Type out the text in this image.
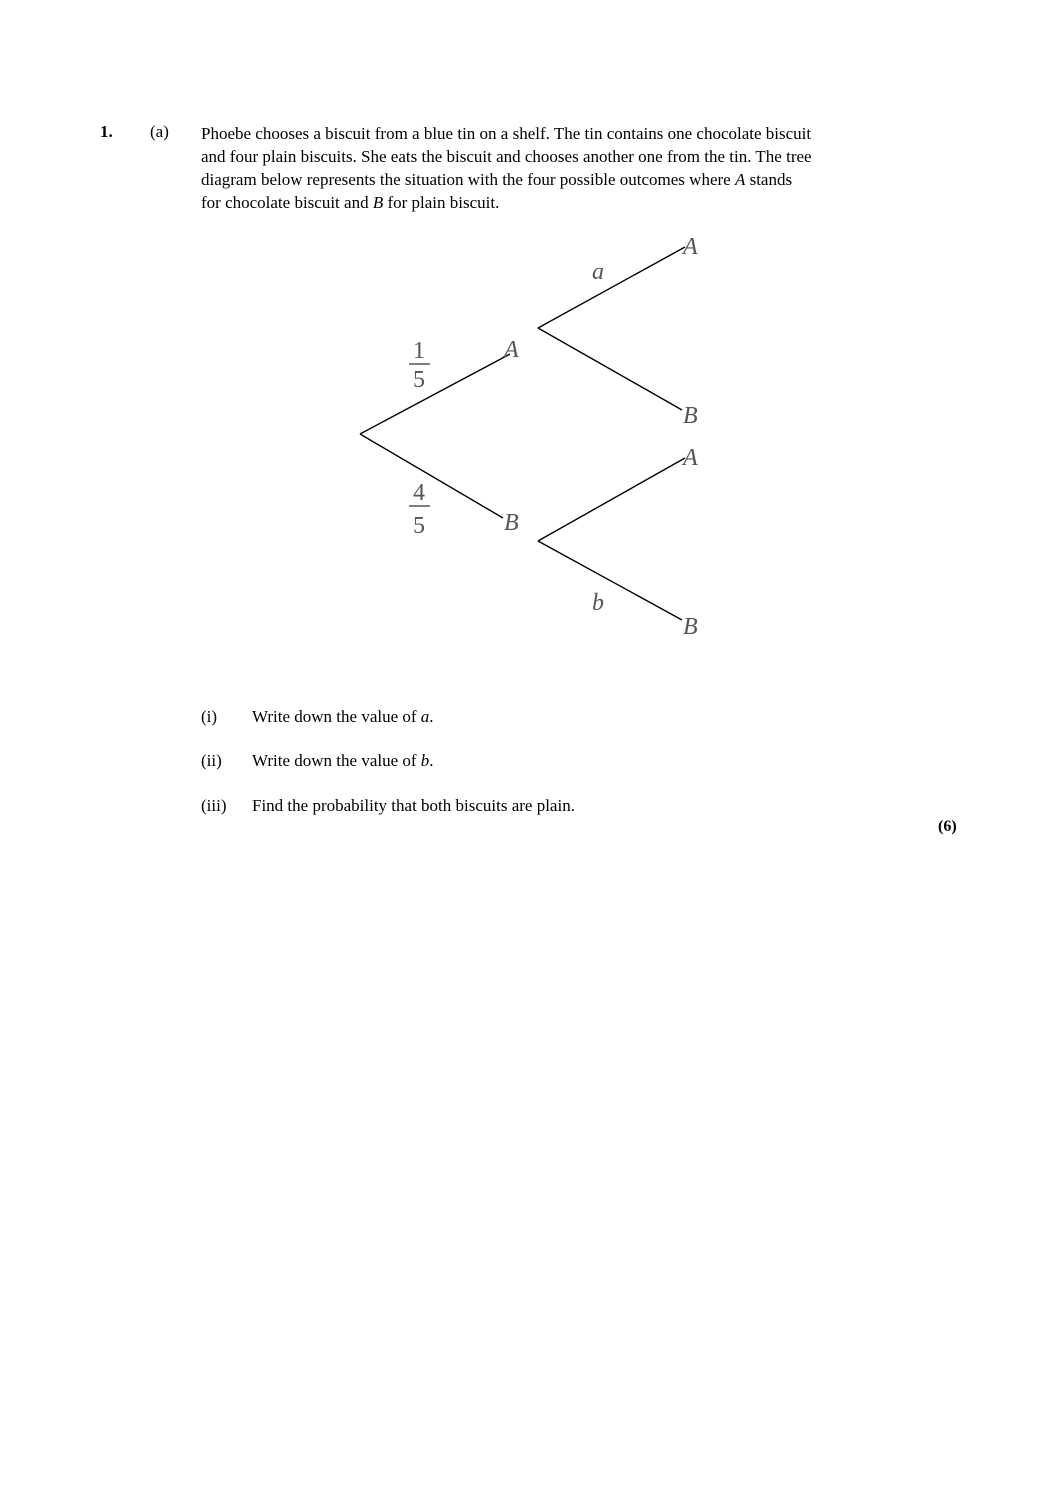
1. (a) Phoebe chooses a biscuit from a blue tin on a shelf. The tin contains one chocolate biscuit

and four plain biscuits. She eats the biscuit and chooses another one from the tin. The tree

diagram below represents the situation with the four possible outcomes where A stands

for chocolate biscuit and B for plain biscuit.

1
5
4
5
A
B
a
A
B
A
b
B
(i) Write down the value of a.
(ii) Write down the value of b.
(iii) Find the probability that both biscuits are plain.
(6)
